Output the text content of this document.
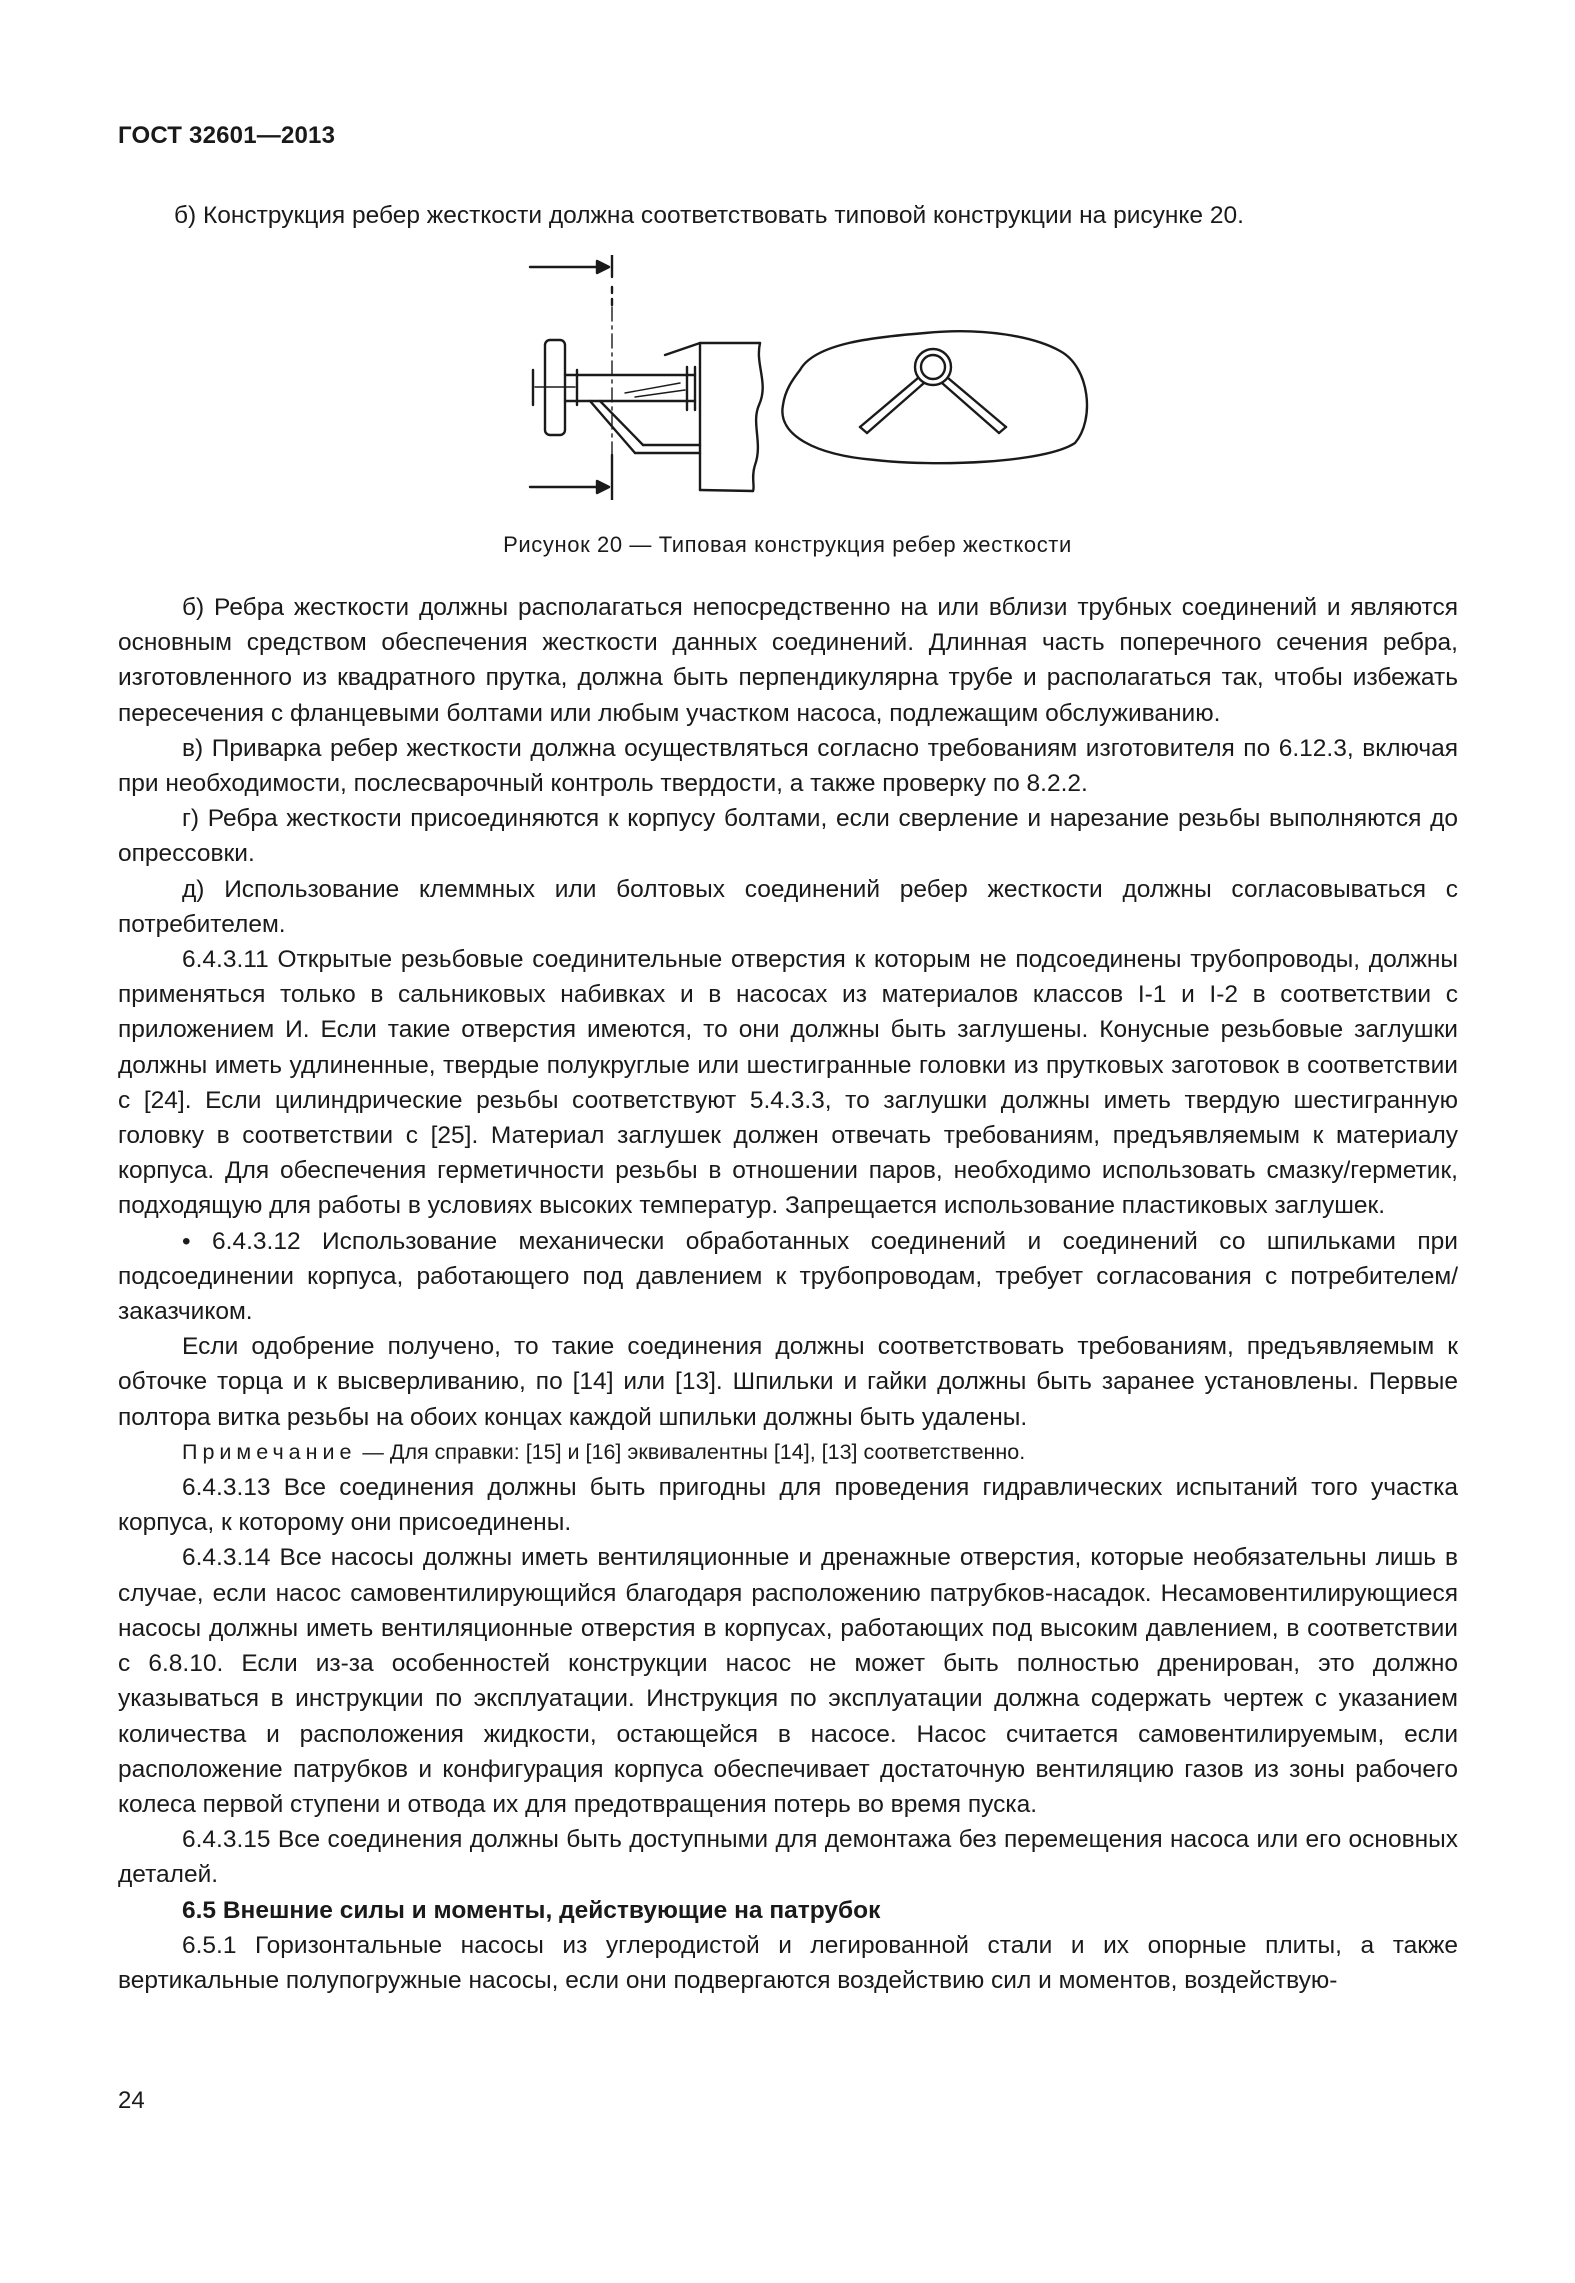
ГОСТ 32601—2013

б) Конструкция ребер жесткости должна соответствовать типовой конструкции на рисунке 20.

Рисунок 20 — Типовая конструкция ребер жесткости

б) Ребра жесткости должны располагаться непосредственно на или вблизи трубных соединений и являются основным средством обеспечения жесткости данных соединений. Длинная часть поперечного сечения ребра, изготовленного из квадратного прутка, должна быть перпендикулярна трубе и располагаться так, чтобы избежать пересечения с фланцевыми болтами или любым участком насоса, подлежащим обслуживанию.

в) Приварка ребер жесткости должна осуществляться согласно требованиям изготовителя по 6.12.3, включая при необходимости, послесварочный контроль твердости, а также проверку по 8.2.2.

г) Ребра жесткости присоединяются к корпусу болтами, если сверление и нарезание резьбы выполняются до опрессовки.

д) Использование клеммных или болтовых соединений ребер жесткости должны согласовываться с потребителем.

6.4.3.11 Открытые резьбовые соединительные отверстия к которым не подсоединены трубопроводы, должны применяться только в сальниковых набивках и в насосах из материалов классов I-1 и I-2 в соответствии с приложением И. Если такие отверстия имеются, то они должны быть заглушены. Конусные резьбовые заглушки должны иметь удлиненные, твердые полукруглые или шестигранные головки из прутковых заготовок в соответствии с [24]. Если цилиндрические резьбы соответствуют 5.4.3.3, то заглушки должны иметь твердую шестигранную головку в соответствии с [25]. Материал заглушек должен отвечать требованиям, предъявляемым к материалу корпуса. Для обеспечения герметичности резьбы в отношении паров, необходимо использовать смазку/герметик, подходящую для работы в условиях высоких температур. Запрещается использование пластиковых заглушек.

• 6.4.3.12 Использование механически обработанных соединений и соединений со шпильками при подсоединении корпуса, работающего под давлением к трубопроводам, требует согласования с потребителем/заказчиком.

Если одобрение получено, то такие соединения должны соответствовать требованиям, предъявляемым к обточке торца и к высверливанию, по [14] или [13]. Шпильки и гайки должны быть заранее установлены. Первые полтора витка резьбы на обоих концах каждой шпильки должны быть удалены.

Примечание — Для справки: [15] и [16] эквивалентны [14], [13] соответственно.

6.4.3.13 Все соединения должны быть пригодны для проведения гидравлических испытаний того участка корпуса, к которому они присоединены.

6.4.3.14 Все насосы должны иметь вентиляционные и дренажные отверстия, которые необязательны лишь в случае, если насос самовентилирующийся благодаря расположению патрубков-насадок. Несамовентилирующиеся насосы должны иметь вентиляционные отверстия в корпусах, работающих под высоким давлением, в соответствии с 6.8.10. Если из-за особенностей конструкции насос не может быть полностью дренирован, это должно указываться в инструкции по эксплуатации. Инструкция по эксплуатации должна содержать чертеж с указанием количества и расположения жидкости, остающейся в насосе. Насос считается самовентилируемым, если расположение патрубков и конфигурация корпуса обеспечивает достаточную вентиляцию газов из зоны рабочего колеса первой ступени и отвода их для предотвращения потерь во время пуска.

6.4.3.15 Все соединения должны быть доступными для демонтажа без перемещения насоса или его основных деталей.

6.5 Внешние силы и моменты, действующие на патрубок

6.5.1 Горизонтальные насосы из углеродистой и легированной стали и их опорные плиты, а также вертикальные полупогружные насосы, если они подвергаются воздействию сил и моментов, воздействую-

24
